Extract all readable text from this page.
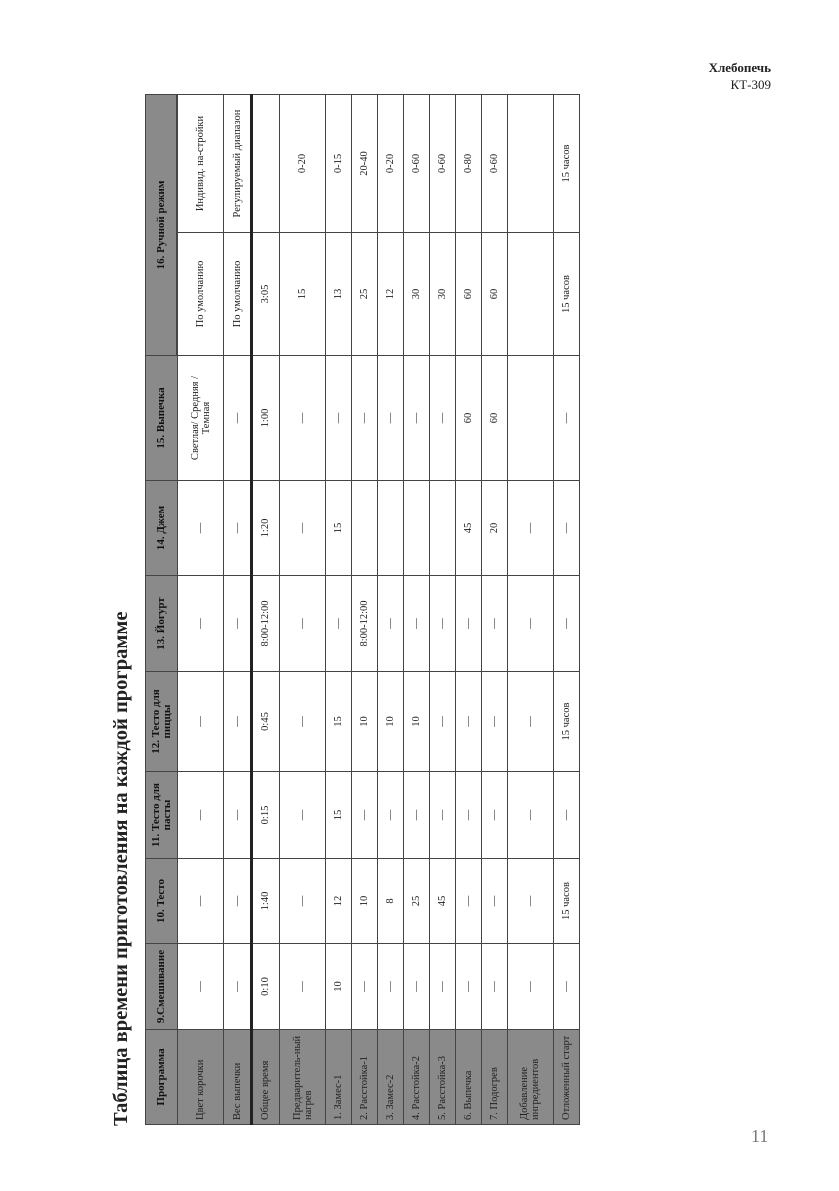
Хлебопечь
КТ-309
Таблица времени приготовления на каждой программе Программа	9.Смешивание	10. Тесто	11. Тесто для пасты	12. Тесто для пиццы	13. Йогурт	14. Джем	15. Выпечка	16. Ручной режим	

Цвет корочки	—	—	—	—	—	—	Светлая/ Средняя / Темная	По умолчанию	Индивид. на-стройки
Вес выпечки	—	—	—	—	—	—	—	По умолчанию	Регулируемый диапазон
Общее время	0:10	1:40	0:15	0:45	8:00-12:00	1:20	1:00	3:05	
Предваритель-ный нагрев	—	—	—	—	—	—	—	15	0-20
1. Замес-1	10	12	15	15	—	15	—	13	0-15
2. Расстойка-1	—	10	—	10	8:00-12:00		—	25	20-40
3. Замес-2	—	8	—	10	—		—	12	0-20
4. Расстойка-2	—	25	—	10	—		—	30	0-60
5. Расстойка-3	—	45	—	—	—		—	30	0-60
6. Выпечка	—	—	—	—	—	45	60	60	0-80
7. Подогрев	—	—	—	—	—	20	60	60	0-60
Добавление ингредиентов	—	—	—	—	—	—			
Отложенный старт	—	15 часов	—	15 часов	—	—	—	15 часов	15 часов
11
